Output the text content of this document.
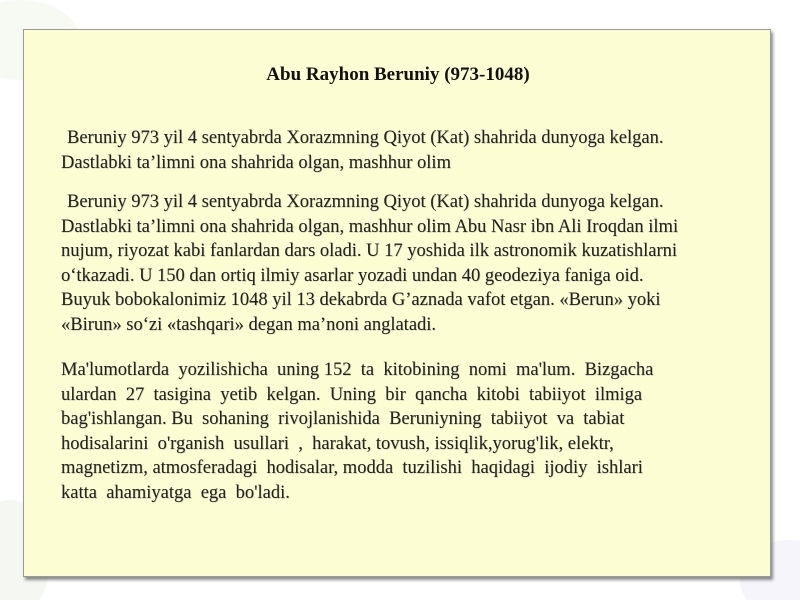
Abu Rayhon Beruniy (973-1048)

Beruniy 973 yil 4 sentyabrda Xorazmning Qiyot (Kat) shahrida dunyoga kelgan.
Dastlabki ta’limni ona shahrida olgan, mashhur olim

Beruniy 973 yil 4 sentyabrda Xorazmning Qiyot (Kat) shahrida dunyoga kelgan.
Dastlabki ta’limni ona shahrida olgan, mashhur olim Abu Nasr ibn Ali Iroqdan ilmi
nujum, riyozat kabi fanlardan dars oladi. U 17 yoshida ilk astronomik kuzatishlarni
o‘tkazadi. U 150 dan ortiq ilmiy asarlar yozadi undan 40 geodeziya faniga oid.
Buyuk bobokalonimiz 1048 yil 13 dekabrda G’aznada vafot etgan. «Berun» yoki
«Birun» so‘zi «tashqari» degan ma’noni anglatadi.

Ma'lumotlarda  yozilishicha  uning 152  ta  kitobining  nomi  ma'lum.  Bizgacha
ulardan  27  tasigina  yetib  kelgan.  Uning  bir  qancha  kitobi  tabiiyot  ilmiga
bag'ishlangan. Bu  sohaning  rivojlanishida  Beruniyning  tabiiyot  va  tabiat
hodisalarini  o'rganish  usullari  ,  harakat, tovush, issiqlik,yorug'lik, elektr,
magnetizm, atmosferadagi  hodisalar, modda  tuzilishi  haqidagi  ijodiy  ishlari
katta  ahamiyatga  ega  bo'ladi.
